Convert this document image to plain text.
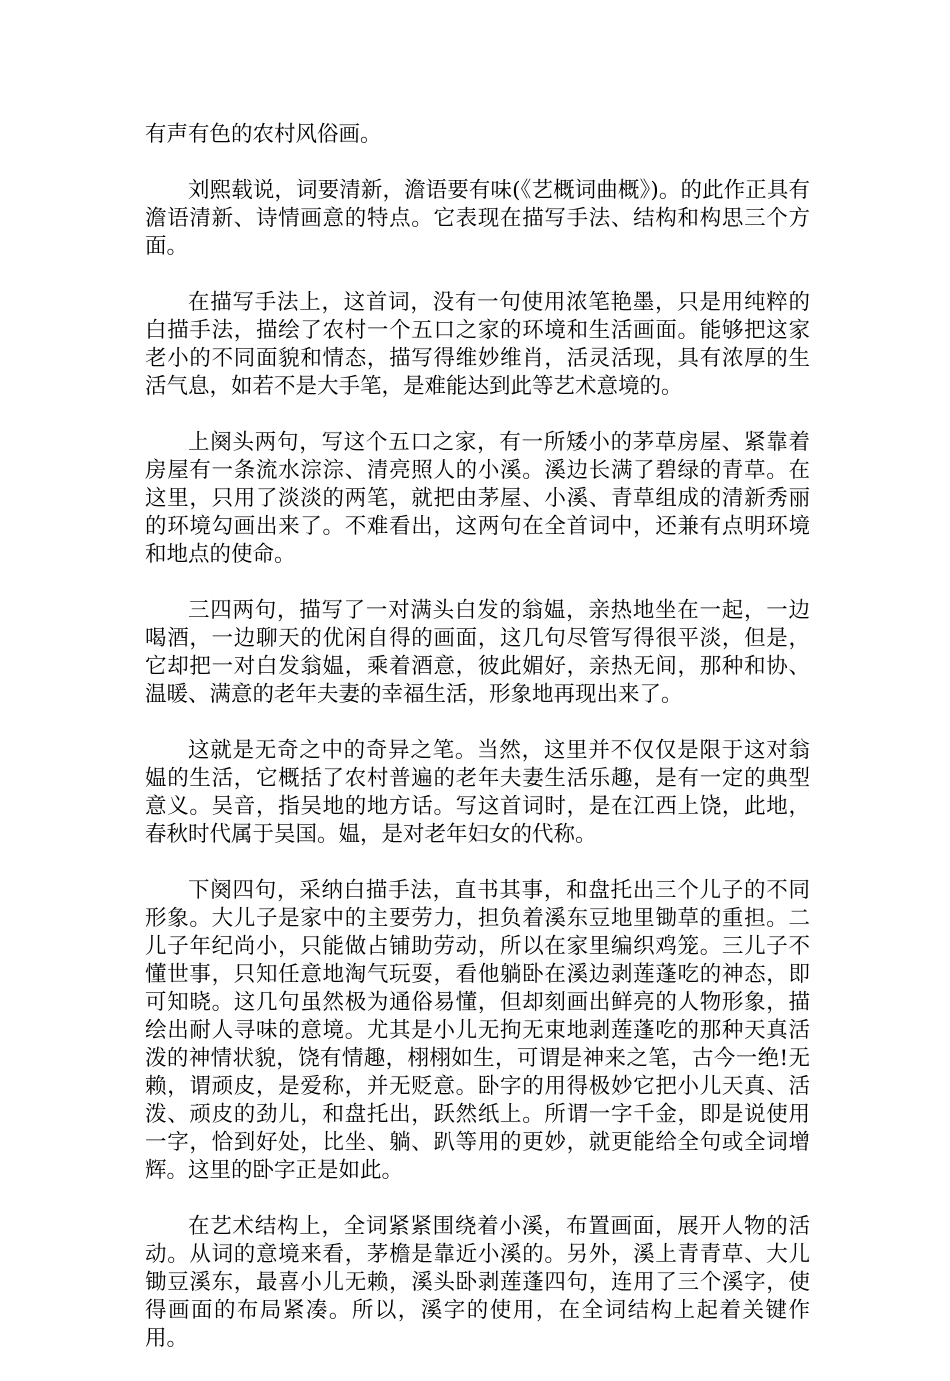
有声有色的农村风俗画。

刘熙载说，词要清新，澹语要有味(《艺概词曲概》)。的此作正具有澹语清新、诗情画意的特点。它表现在描写手法、结构和构思三个方面。

在描写手法上，这首词，没有一句使用浓笔艳墨，只是用纯粹的白描手法，描绘了农村一个五口之家的环境和生活画面。能够把这家老小的不同面貌和情态，描写得维妙维肖，活灵活现，具有浓厚的生活气息，如若不是大手笔，是难能达到此等艺术意境的。

上阕头两句，写这个五口之家，有一所矮小的茅草房屋、紧靠着房屋有一条流水淙淙、清亮照人的小溪。溪边长满了碧绿的青草。在这里，只用了淡淡的两笔，就把由茅屋、小溪、青草组成的清新秀丽的环境勾画出来了。不难看出，这两句在全首词中，还兼有点明环境和地点的使命。

三四两句，描写了一对满头白发的翁媪，亲热地坐在一起，一边喝酒，一边聊天的优闲自得的画面，这几句尽管写得很平淡，但是，它却把一对白发翁媪，乘着酒意，彼此媚好，亲热无间，那种和协、温暖、满意的老年夫妻的幸福生活，形象地再现出来了。

这就是无奇之中的奇异之笔。当然，这里并不仅仅是限于这对翁媪的生活，它概括了农村普遍的老年夫妻生活乐趣，是有一定的典型意义。吴音，指吴地的地方话。写这首词时，是在江西上饶，此地，春秋时代属于吴国。媪，是对老年妇女的代称。

下阕四句，采纳白描手法，直书其事，和盘托出三个儿子的不同形象。大儿子是家中的主要劳力，担负着溪东豆地里锄草的重担。二儿子年纪尚小，只能做占铺助劳动，所以在家里编织鸡笼。三儿子不懂世事，只知任意地淘气玩耍，看他躺卧在溪边剥莲蓬吃的神态，即可知晓。这几句虽然极为通俗易懂，但却刻画出鲜亮的人物形象，描绘出耐人寻味的意境。尤其是小儿无拘无束地剥莲蓬吃的那种天真活泼的神情状貌，饶有情趣，栩栩如生，可谓是神来之笔，古今一绝!无赖，谓顽皮，是爱称，并无贬意。卧字的用得极妙它把小儿天真、活泼、顽皮的劲儿，和盘托出，跃然纸上。所谓一字千金，即是说使用一字，恰到好处，比坐、躺、趴等用的更妙，就更能给全句或全词增辉。这里的卧字正是如此。

在艺术结构上，全词紧紧围绕着小溪，布置画面，展开人物的活动。从词的意境来看，茅檐是靠近小溪的。另外，溪上青青草、大儿锄豆溪东，最喜小儿无赖，溪头卧剥莲蓬四句，连用了三个溪字，使得画面的布局紧凑。所以，溪字的使用，在全词结构上起着关键作用。
